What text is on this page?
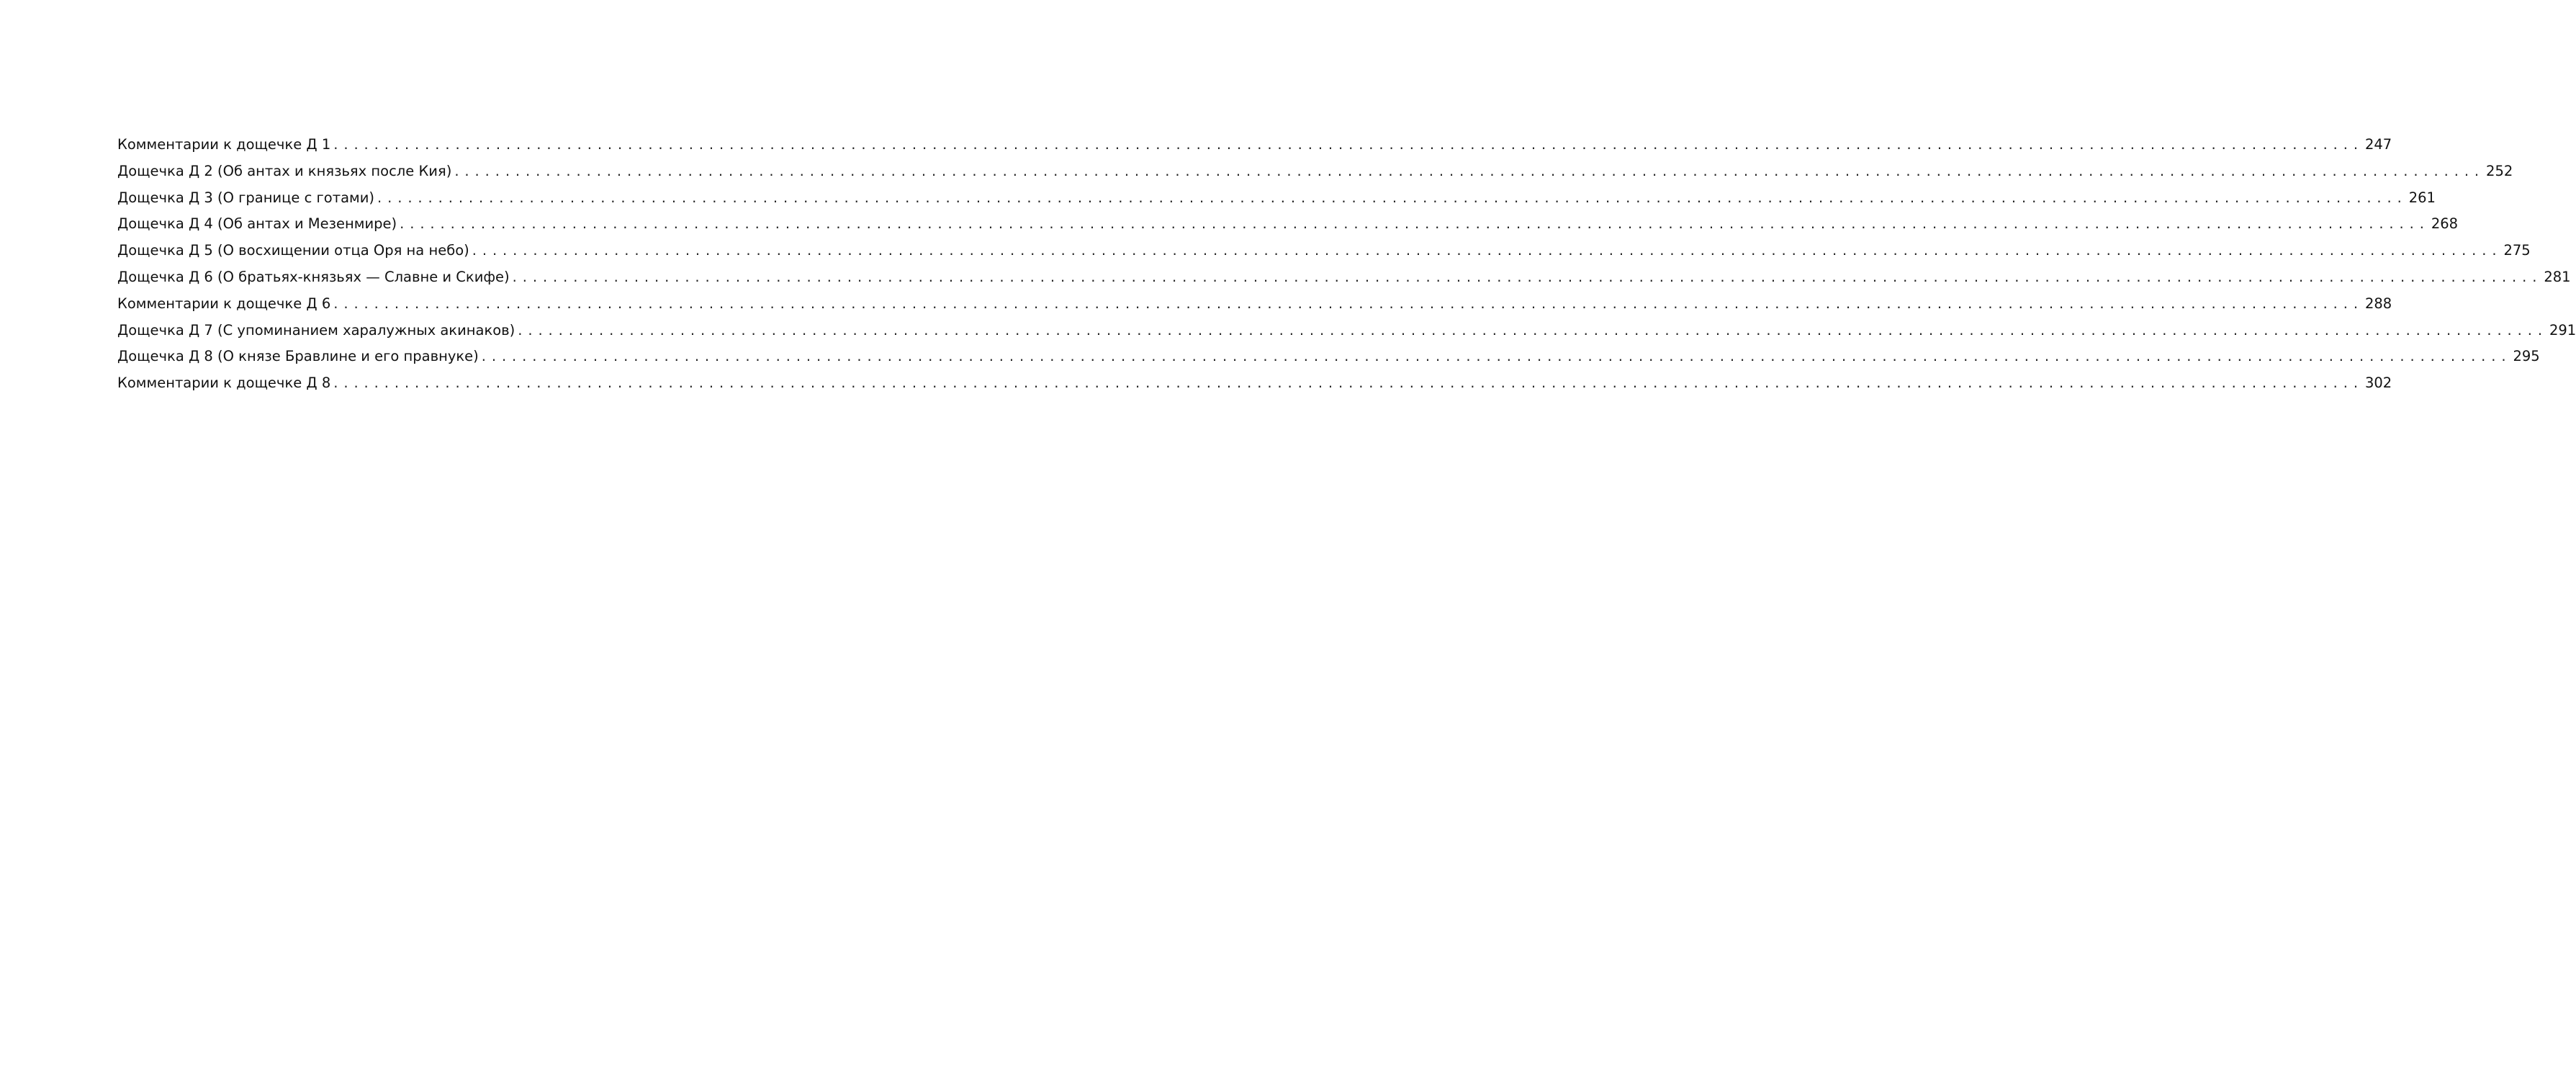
Комментарии к дощечке Д 1 ........................................................................................................................................................................................................ 247
Дощечка Д 2 (Об антах и князьях после Кия) ........................................................................................................................................................................................................ 252
Дощечка Д 3 (О границе с готами) ........................................................................................................................................................................................................ 261
Дощечка Д 4 (Об антах и Мезенмире) ........................................................................................................................................................................................................ 268
Дощечка Д 5 (О восхищении отца Оря на небо) ........................................................................................................................................................................................................ 275
Дощечка Д 6 (О братьях-князьях — Славне и Скифе) ........................................................................................................................................................................................................ 281
Комментарии к дощечке Д 6 ........................................................................................................................................................................................................ 288
Дощечка Д 7 (С упоминанием харалужных акинаков) ........................................................................................................................................................................................................ 291
Дощечка Д 8 (О князе Бравлине и его правнуке) ........................................................................................................................................................................................................ 295
Комментарии к дощечке Д 8 ........................................................................................................................................................................................................ 302
